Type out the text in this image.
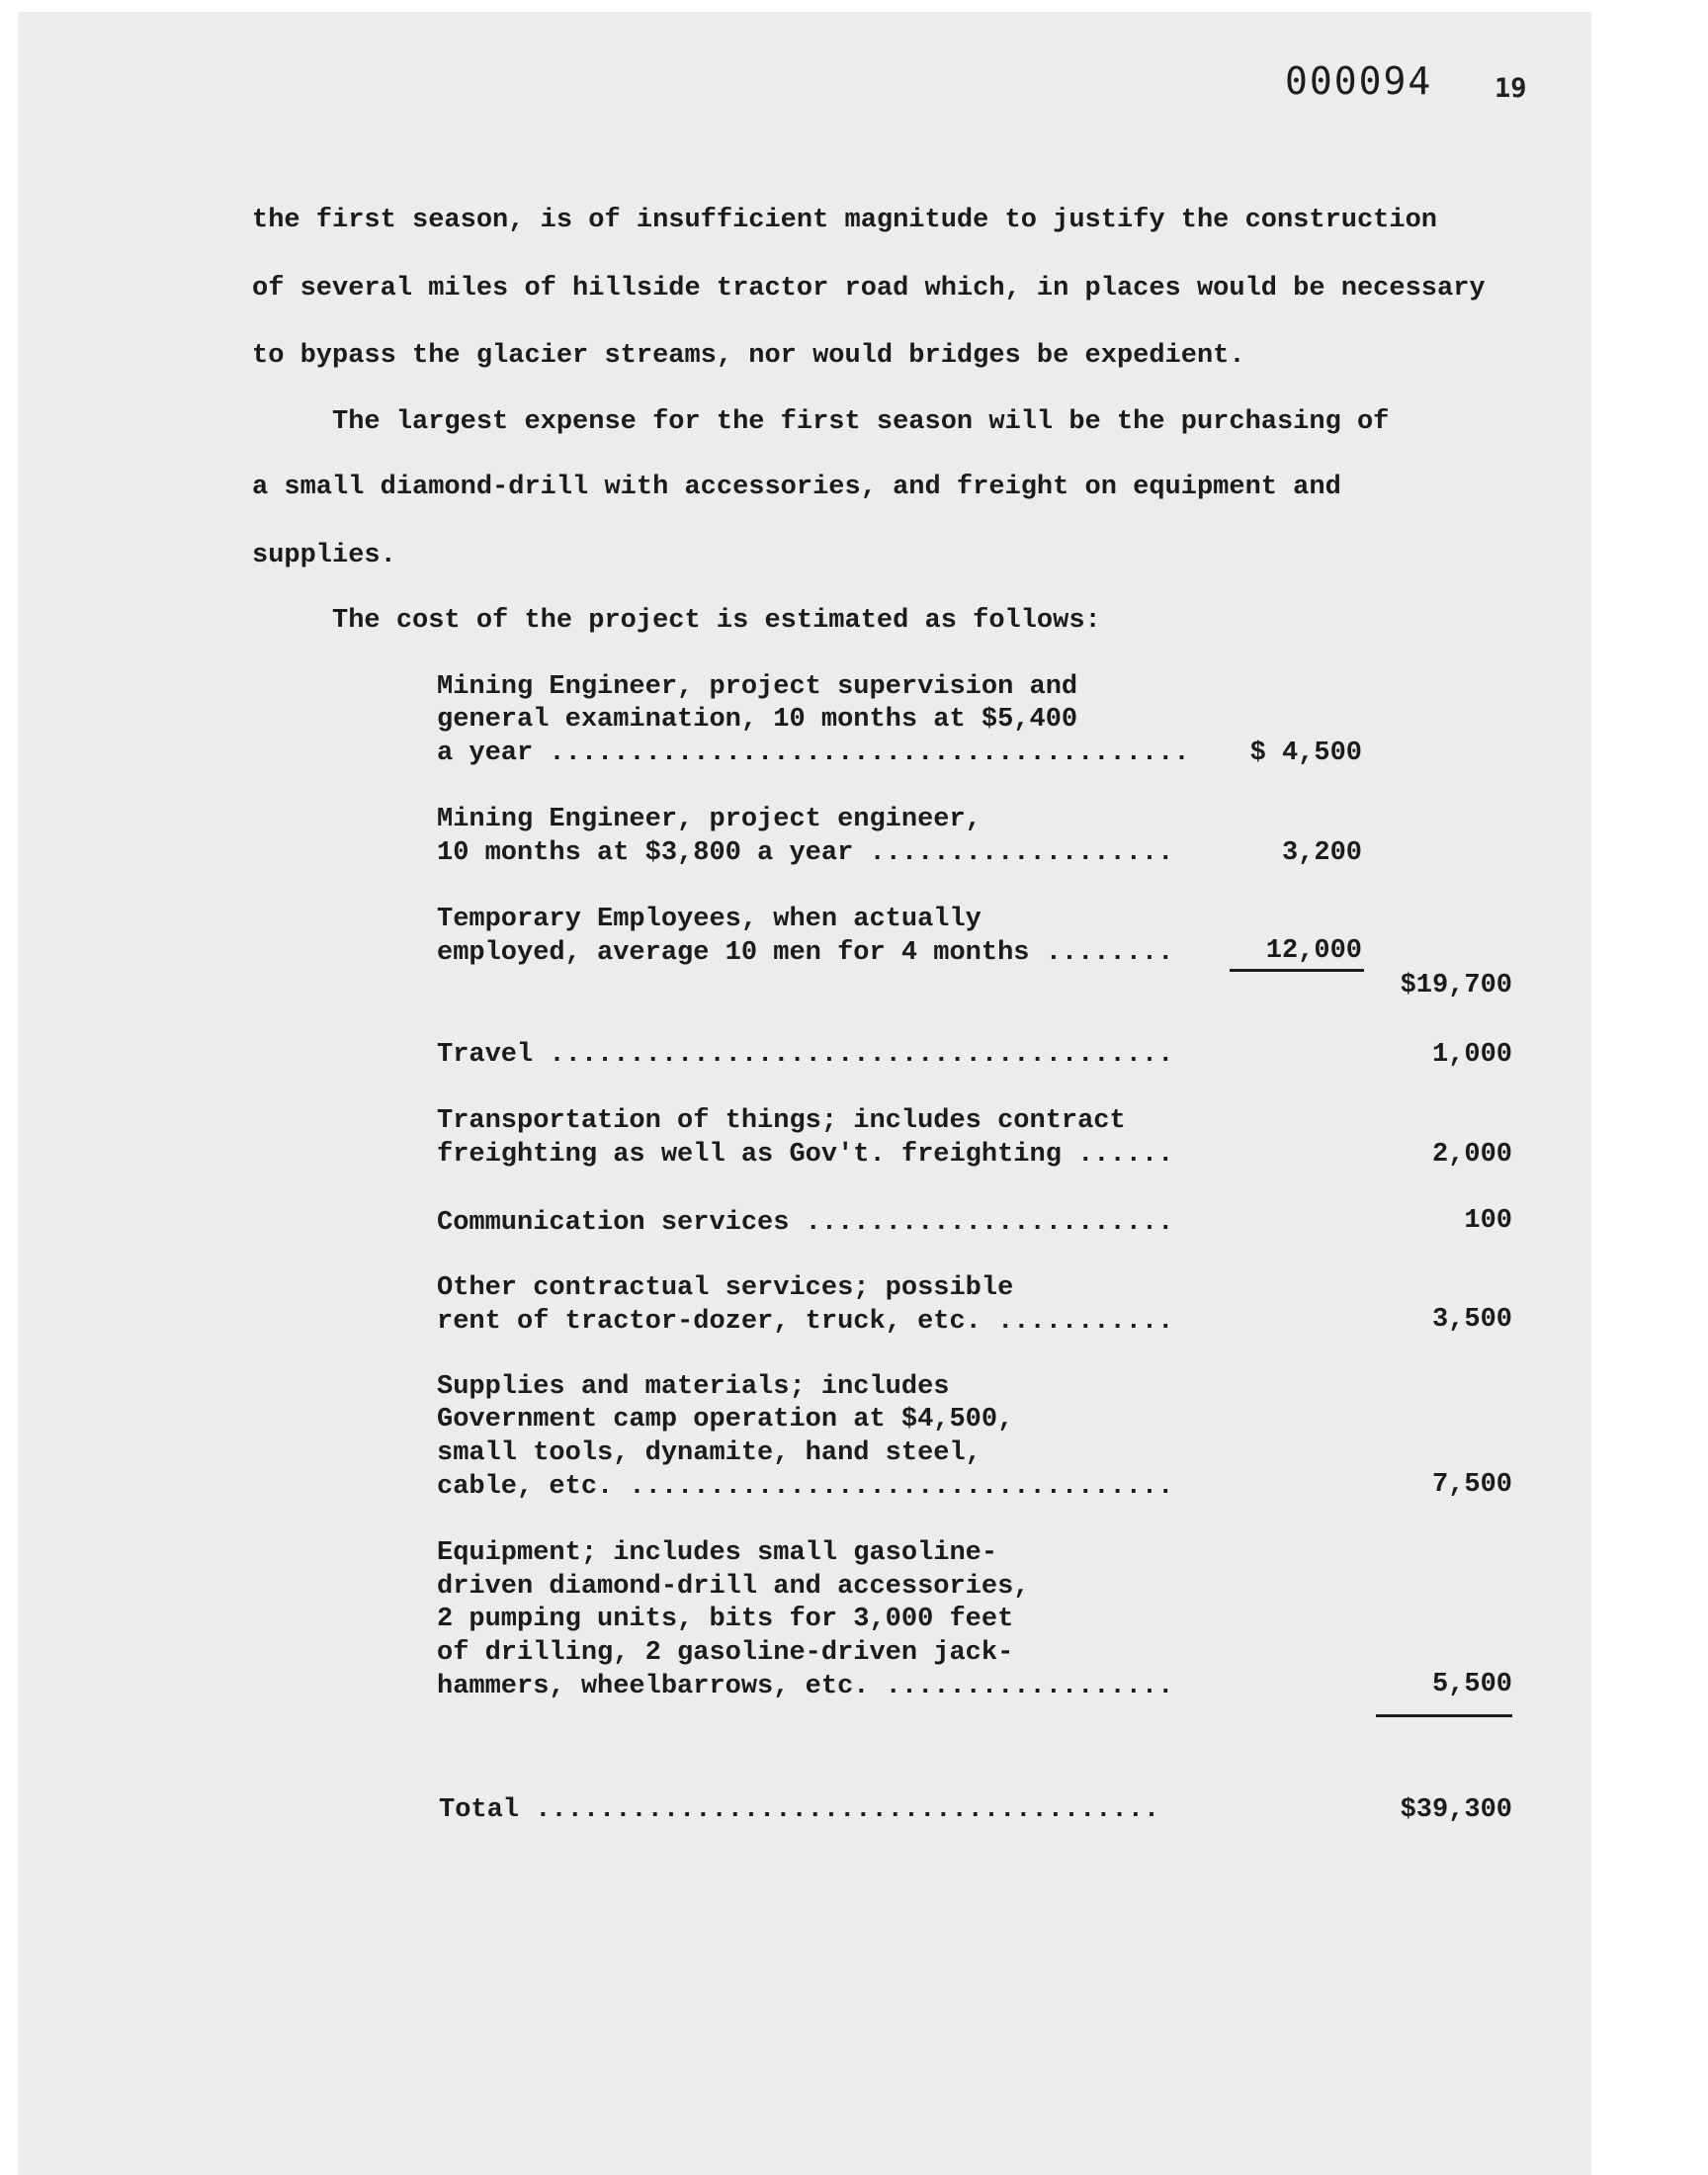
000094 19
the first season, is of insufficient magnitude to justify the construction
of several miles of hillside tractor road which, in places would be necessary
to bypass the glacier streams, nor would bridges be expedient.
The largest expense for the first season will be the purchasing of
a small diamond-drill with accessories, and freight on equipment and
supplies.
The cost of the project is estimated as follows:
Mining Engineer, project supervision and
general examination, 10 months at $5,400
a year ........................................	$ 4,500
Mining Engineer, project engineer,
10 months at $3,800 a year ...................	3,200
Temporary Employees, when actually
employed, average 10 men for 4 months ........	12,000
$19,700
Travel .......................................	1,000
Transportation of things; includes contract
freighting as well as Gov't. freighting ......	2,000
Communication services .......................	100
Other contractual services; possible
rent of tractor-dozer, truck, etc. ...........	3,500
Supplies and materials; includes
Government camp operation at $4,500,
small tools, dynamite, hand steel,
cable, etc. ..................................	7,500
Equipment; includes small gasoline-
driven diamond-drill and accessories,
2 pumping units, bits for 3,000 feet
of drilling, 2 gasoline-driven jack-
hammers, wheelbarrows, etc. ..................	5,500
Total .......................................	$39,300
